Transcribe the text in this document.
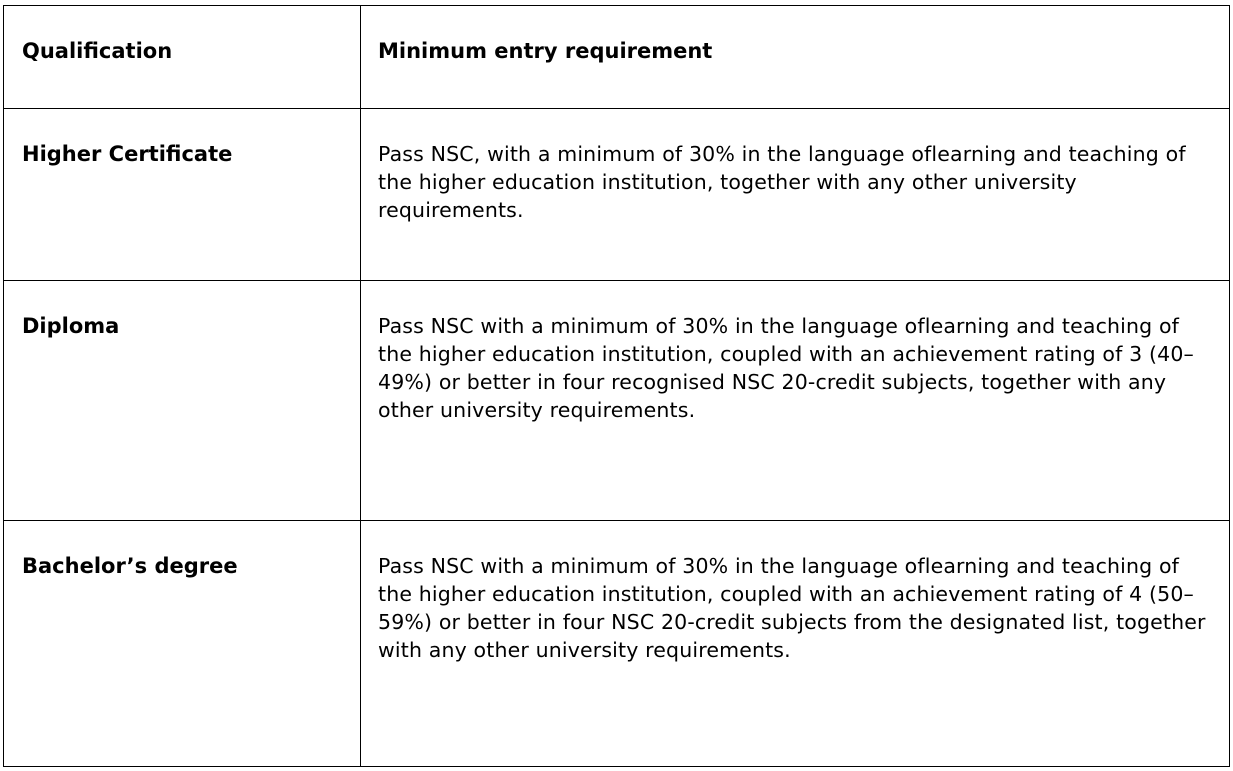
Qualification	Minimum entry requirement

Higher Certificate	Pass NSC, with a minimum of 30% in the language oflearning and teaching of the higher education institution, together with any other university requirements.

Diploma	Pass NSC with a minimum of 30% in the language oflearning and teaching of the higher education institution, coupled with an achievement rating of 3 (40–49%) or better in four recognised NSC 20-credit subjects, together with any other university requirements.

Bachelor’s degree	Pass NSC with a minimum of 30% in the language oflearning and teaching of the higher education institution, coupled with an achievement rating of 4 (50–59%) or better in four NSC 20-credit subjects from the designated list, together with any other university requirements.
